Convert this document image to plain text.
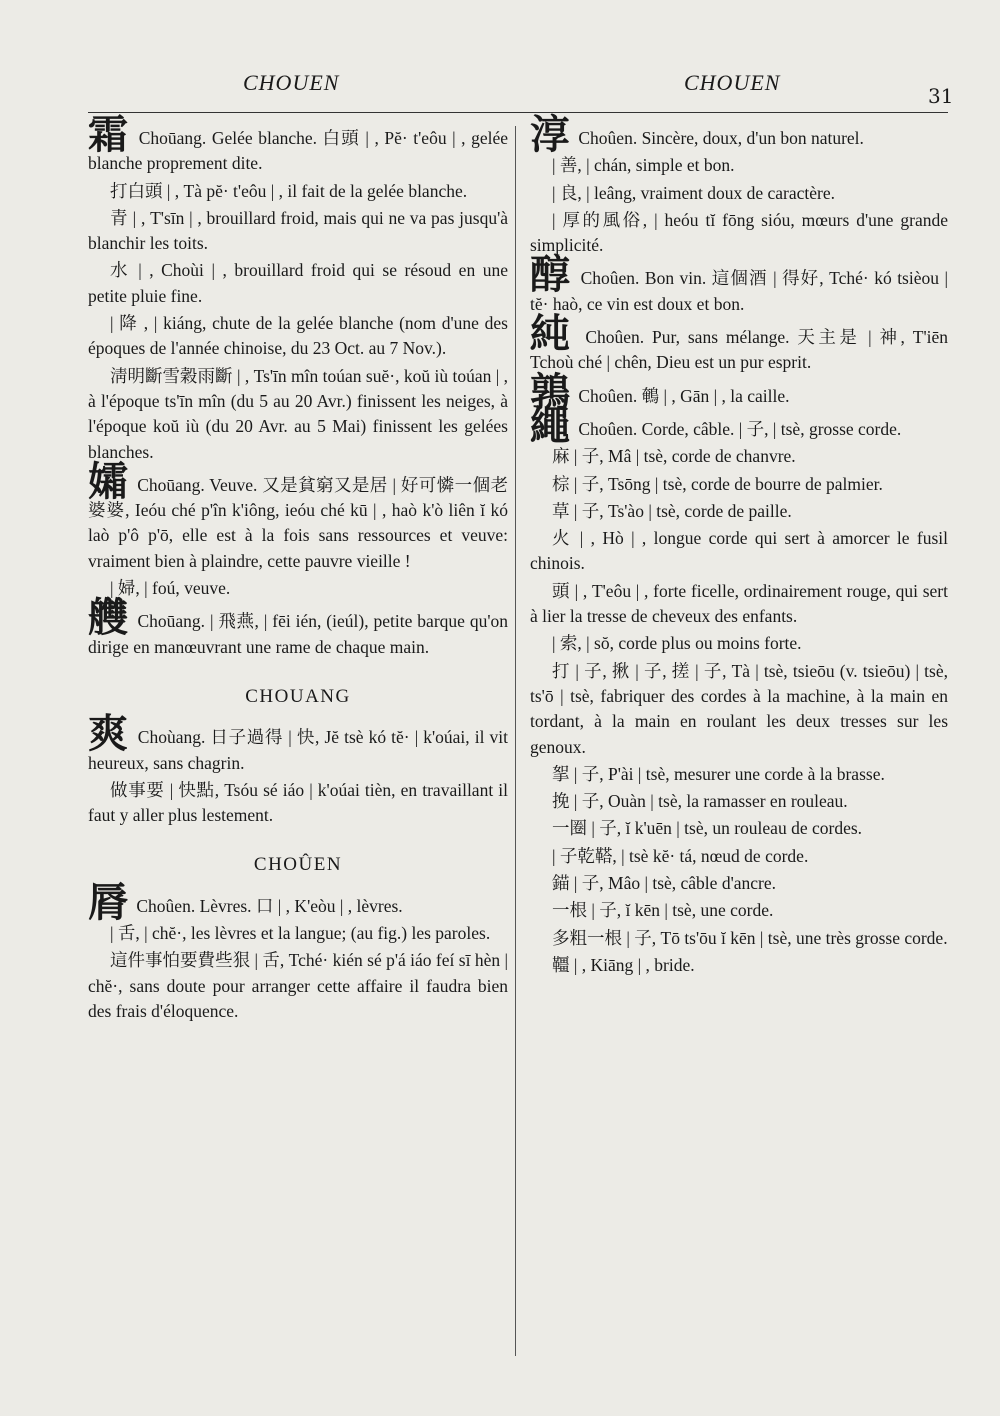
CHOUEN	CHOUEN
31
霜 Choūang. Gelée blanche. 白頭 | , Pĕ· t'eôu | , gelée blanche proprement dite.
打白頭 | , Tà pĕ· t'eôu | , il fait de la gelée blanche.
青 | , T'sīn | , brouillard froid, mais qui ne va pas jusqu'à blanchir les toits.
水 | , Choùi | , brouillard froid qui se résoud en une petite pluie fine.
| 降 , | kiáng, chute de la gelée blanche (nom d'une des époques de l'année chinoise, du 23 Oct. au 7 Nov.).
淸明斷雪穀雨斷 | , Ts'īn mîn toúan suĕ·, koŭ iù toúan | , à l'époque ts'īn mîn (du 5 au 20 Avr.) finissent les neiges, à l'époque koŭ iù (du 20 Avr. au 5 Mai) finissent les gelées blanches.
孀 Choūang. Veuve. 又是貧窮又是居 | 好可憐一個老婆婆, Ieóu ché p'în k'iông, ieóu ché kū | , haò k'ò liên ĭ kó laò p'ô p'ō, elle est à la fois sans ressources et veuve: vraiment bien à plaindre, cette pauvre vieille !
| 婦, | foú, veuve.
艭 Choūang. | 飛燕, | fēi ién, (ieúl), petite barque qu'on dirige en manœuvrant une rame de chaque main.
CHOUANG
爽 Choùang. 日子過得 | 快, Jĕ tsè kó tĕ· | k'oúai, il vit heureux, sans chagrin.
做事要 | 快點, Tsóu sé iáo | k'oúai tièn, en travaillant il faut y aller plus lestement.
CHOÛEN
脣 Choûen. Lèvres. 口 | , K'eòu | , lèvres.
| 舌, | chĕ·, les lèvres et la langue; (au fig.) les paroles.
這件事怕要費些狠 | 舌, Tché· kién sé p'á iáo feí sī hèn | chĕ·, sans doute pour arranger cette affaire il faudra bien des frais d'éloquence.
淳 Choûen. Sincère, doux, d'un bon naturel.
| 善, | chán, simple et bon.
| 良, | leâng, vraiment doux de caractère.
| 厚的風俗, | heóu tĭ fōng sióu, mœurs d'une grande simplicité.
醇 Choûen. Bon vin. 這個酒 | 得好, Tché· kó tsièou | tĕ· haò, ce vin est doux et bon.
純 Choûen. Pur, sans mélange. 天主是 | 神, T'iēn Tchoù ché | chên, Dieu est un pur esprit.
鶉 Choûen. 鵪 | , Gān | , la caille.
繩 Choûen. Corde, câble. | 子, | tsè, grosse corde.
麻 | 子, Mâ | tsè, corde de chanvre.
棕 | 子, Tsōng | tsè, corde de bourre de palmier.
草 | 子, Ts'ào | tsè, corde de paille.
火 | , Hò | , longue corde qui sert à amorcer le fusil chinois.
頭 | , T'eôu | , forte ficelle, ordinairement rouge, qui sert à lier la tresse de cheveux des enfants.
| 索, | sŏ, corde plus ou moins forte.
打 | 子, 揪 | 子, 搓 | 子, Tà | tsè, tsieōu (v. tsieōu) | tsè, ts'ō | tsè, fabriquer des cordes à la machine, à la main en tordant, à la main en roulant les deux tresses sur les genoux.
挐 | 子, P'ài | tsè, mesurer une corde à la brasse.
挽 | 子, Ouàn | tsè, la ramasser en rouleau.
一圈 | 子, ĭ k'uēn | tsè, un rouleau de cordes.
| 子乾鞳, | tsè kĕ· tá, nœud de corde.
錨 | 子, Mâo | tsè, câble d'ancre.
一根 | 子, ĭ kēn | tsè, une corde.
多粗一根 | 子, Tō ts'ōu ĭ kēn | tsè, une très grosse corde.
韁 | , Kiāng | , bride.
